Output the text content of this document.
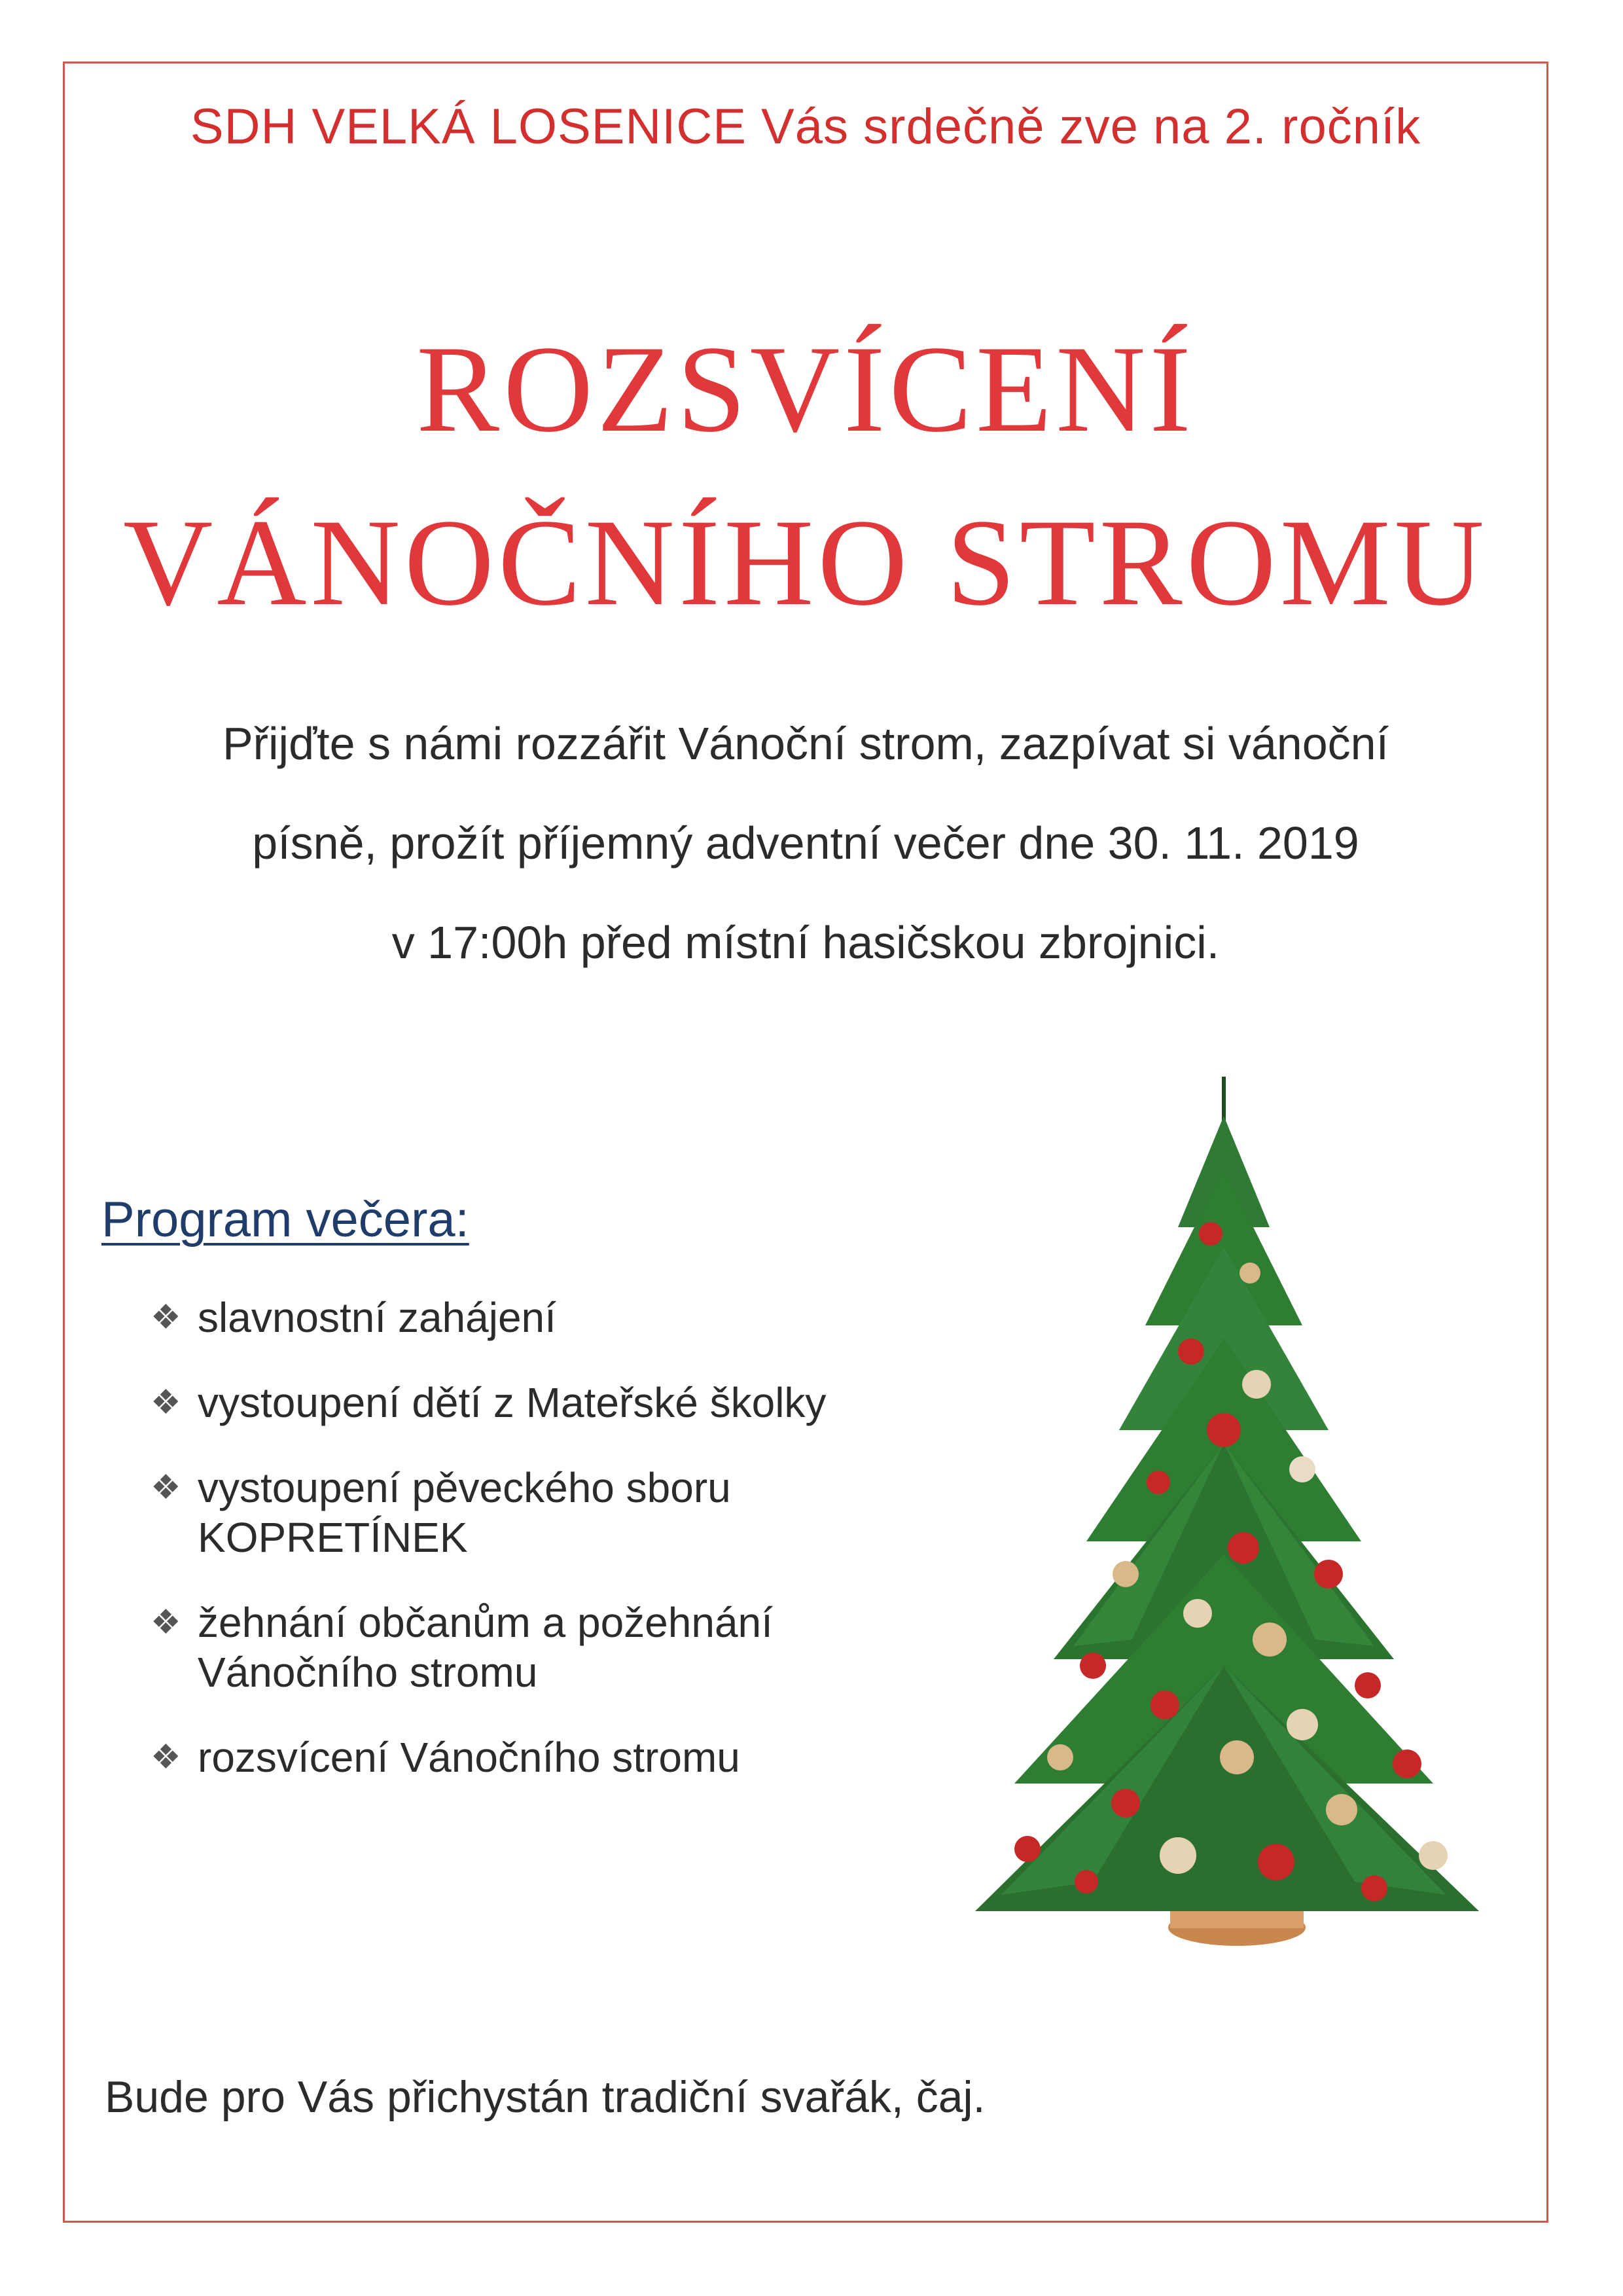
SDH VELKÁ LOSENICE Vás srdečně zve na 2. ročník
ROZSVÍCENÍ
VÁNOČNÍHO STROMU
Přijďte s námi rozzářit Vánoční strom, zazpívat si vánoční
písně, prožít příjemný adventní večer dne 30. 11. 2019
v 17:00h před místní hasičskou zbrojnici.
Program večera:
❖ slavnostní zahájení
❖ vystoupení dětí z Mateřské školky
❖ vystoupení pěveckého sboru
KOPRETÍNEK
❖ žehnání občanům a požehnání
Vánočního stromu
❖ rozsvícení Vánočního stromu
Bude pro Vás přichystán tradiční svařák, čaj.
